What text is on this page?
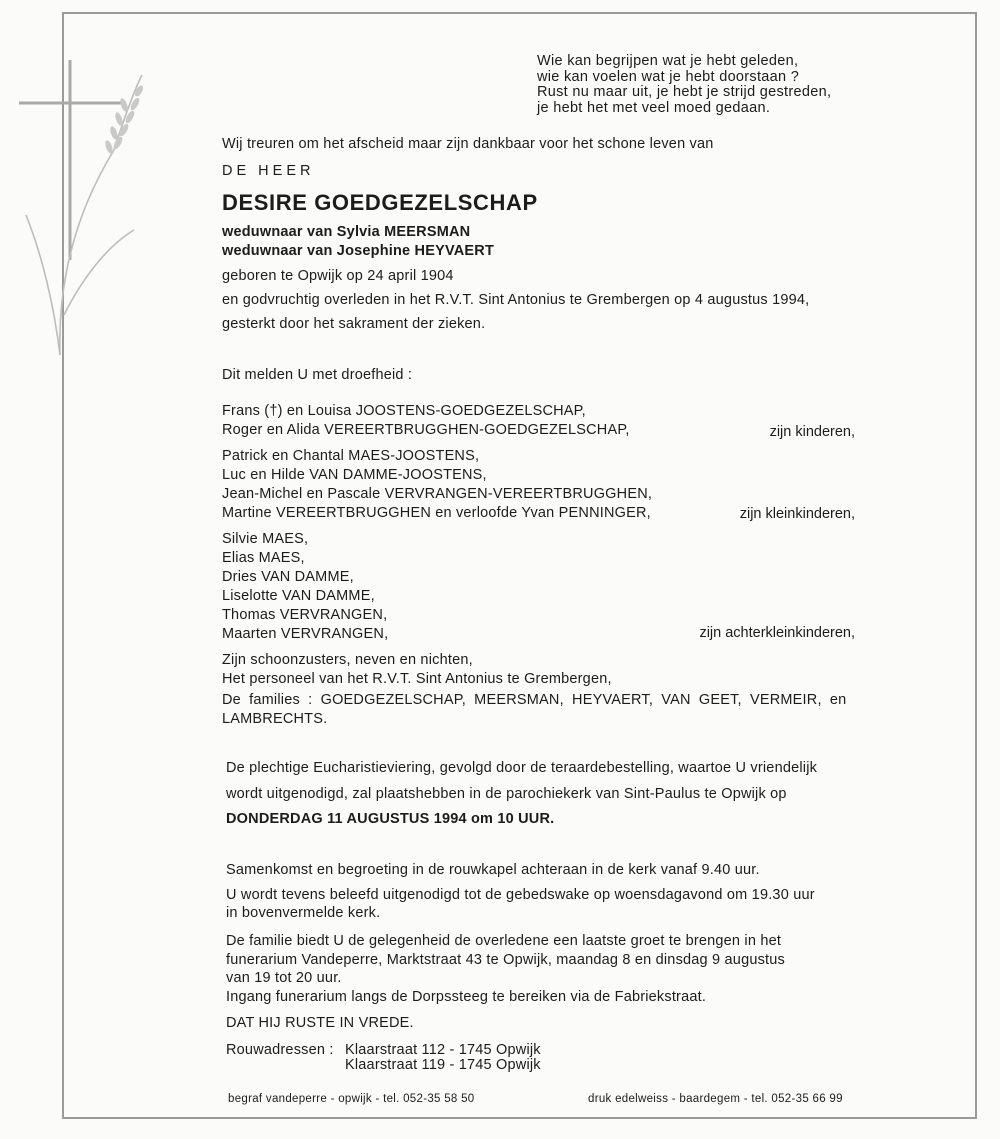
Wie kan begrijpen wat je hebt geleden,
wie kan voelen wat je hebt doorstaan ?
Rust nu maar uit, je hebt je strijd gestreden,
je hebt het met veel moed gedaan.
Wij treuren om het afscheid maar zijn dankbaar voor het schone leven van
DE HEER
DESIRE GOEDGEZELSCHAP
weduwnaar van Sylvia MEERSMAN
weduwnaar van Josephine HEYVAERT
geboren te Opwijk op 24 april 1904
en godvruchtig overleden in het R.V.T. Sint Antonius te Grembergen op 4 augustus 1994,
gesterkt door het sakrament der zieken.
Dit melden U met droefheid :
Frans (†) en Louisa JOOSTENS-GOEDGEZELSCHAP,
Roger en Alida VEREERTBRUGGHEN-GOEDGEZELSCHAP,	zijn kinderen,
Patrick en Chantal MAES-JOOSTENS,
Luc en Hilde VAN DAMME-JOOSTENS,
Jean-Michel en Pascale VERVRANGEN-VEREERTBRUGGHEN,
Martine VEREERTBRUGGHEN en verloofde Yvan PENNINGER,	zijn kleinkinderen,
Silvie MAES,
Elias MAES,
Dries VAN DAMME,
Liselotte VAN DAMME,
Thomas VERVRANGEN,
Maarten VERVRANGEN,	zijn achterkleinkinderen,
Zijn schoonzusters, neven en nichten,
Het personeel van het R.V.T. Sint Antonius te Grembergen,
De families : GOEDGEZELSCHAP, MEERSMAN, HEYVAERT, VAN GEET, VERMEIR, en
LAMBRECHTS.
De plechtige Eucharistieviering, gevolgd door de teraardebestelling, waartoe U vriendelijk
wordt uitgenodigd, zal plaatshebben in de parochiekerk van Sint-Paulus te Opwijk op
DONDERDAG 11 AUGUSTUS 1994 om 10 UUR.
Samenkomst en begroeting in de rouwkapel achteraan in de kerk vanaf 9.40 uur.
U wordt tevens beleefd uitgenodigd tot de gebedswake op woensdagavond om 19.30 uur
in bovenvermelde kerk.
De familie biedt U de gelegenheid de overledene een laatste groet te brengen in het
funerarium Vandeperre, Marktstraat 43 te Opwijk, maandag 8 en dinsdag 9 augustus
van 19 tot 20 uur.
Ingang funerarium langs de Dorpssteeg te bereiken via de Fabriekstraat.
DAT HIJ RUSTE IN VREDE.
Rouwadressen : Klaarstraat 112 - 1745 Opwijk
Klaarstraat 119 - 1745 Opwijk
begraf vandeperre - opwijk - tel. 052-35 58 50	druk edelweiss - baardegem - tel. 052-35 66 99
